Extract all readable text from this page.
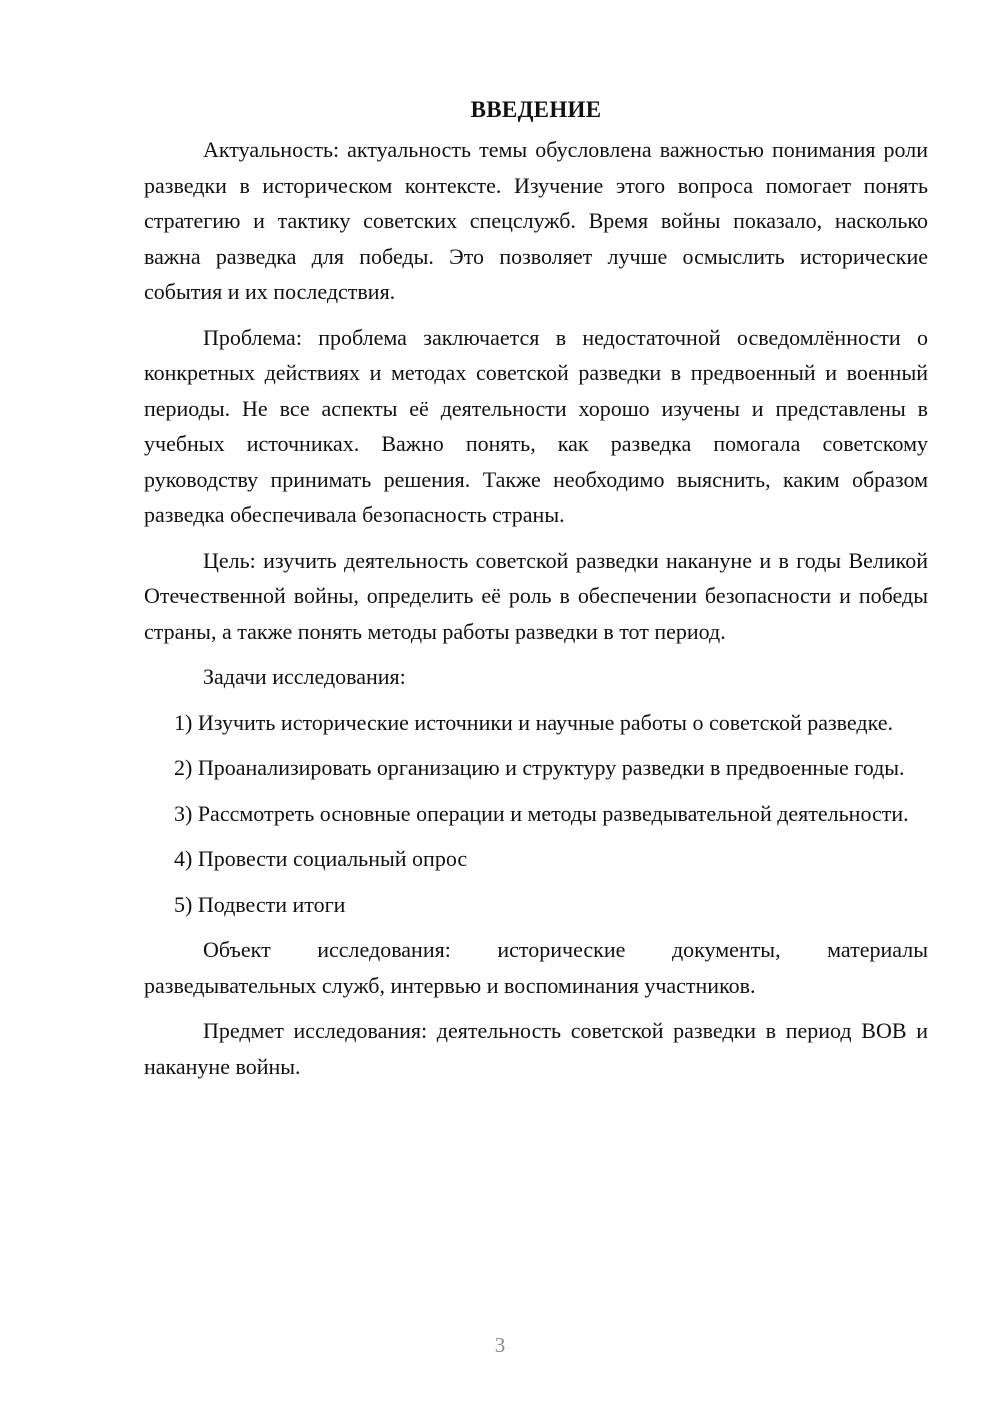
ВВЕДЕНИЕ

Актуальность: актуальность темы обусловлена важностью понимания роли разведки в историческом контексте. Изучение этого вопроса помогает понять стратегию и тактику советских спецслужб. Время войны показало, насколько важна разведка для победы. Это позволяет лучше осмыслить исторические события и их последствия.

Проблема: проблема заключается в недостаточной осведомлённости о конкретных действиях и методах советской разведки в предвоенный и военный периоды. Не все аспекты её деятельности хорошо изучены и представлены в учебных источниках. Важно понять, как разведка помогала советскому руководству принимать решения. Также необходимо выяснить, каким образом разведка обеспечивала безопасность страны.

Цель: изучить деятельность советской разведки накануне и в годы Великой Отечественной войны, определить её роль в обеспечении безопасности и победы страны, а также понять методы работы разведки в тот период.

Задачи исследования:

1) Изучить исторические источники и научные работы о советской разведке.

2) Проанализировать организацию и структуру разведки в предвоенные годы.

3) Рассмотреть основные операции и методы разведывательной деятельности.

4) Провести социальный опрос

5) Подвести итоги

Объект исследования: исторические документы, материалы разведывательных служб, интервью и воспоминания участников.

Предмет исследования: деятельность советской разведки в период ВОВ и накануне войны.

3
